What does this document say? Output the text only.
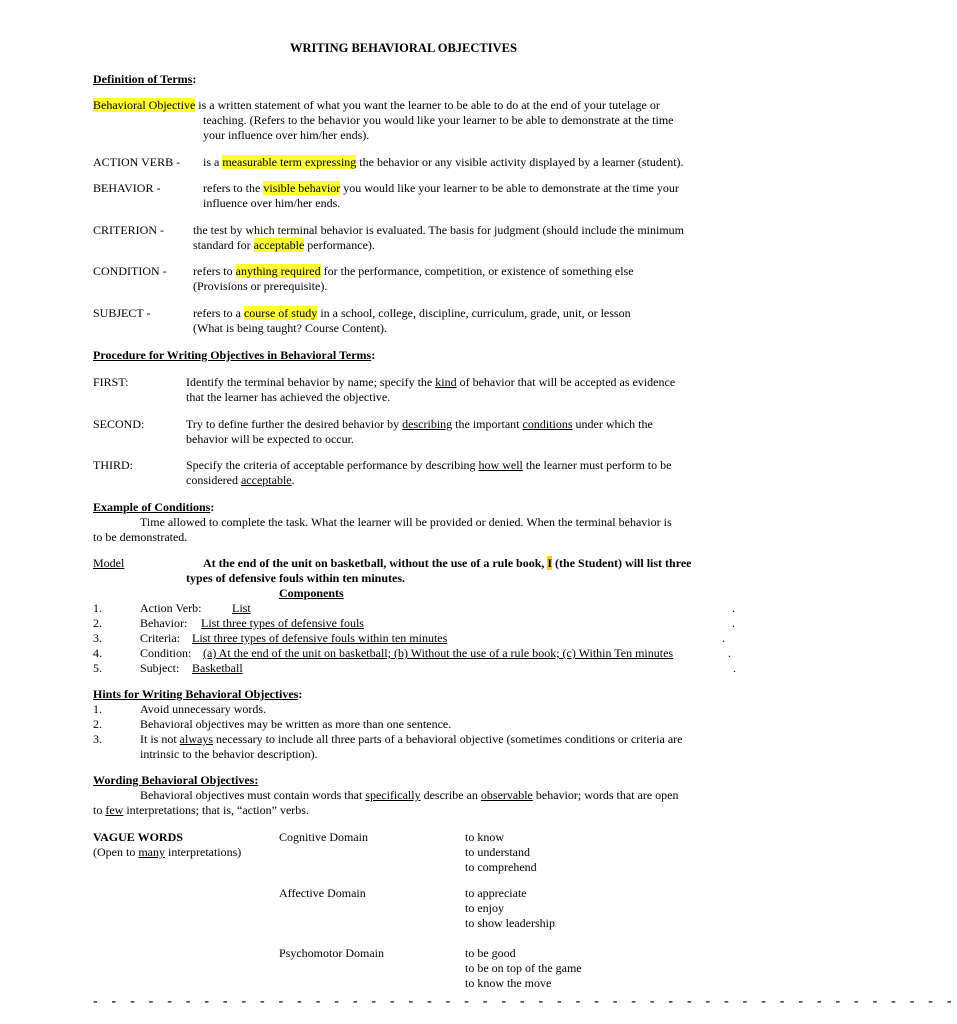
WRITING BEHAVIORAL OBJECTIVES
Definition of Terms:
Behavioral Objective is a written statement of what you want the learner to be able to do at the end of your tutelage or
teaching. (Refers to the behavior you would like your learner to be able to demonstrate at the time
your influence over him/her ends).
ACTION VERB - is a measurable term expressing the behavior or any visible activity displayed by a learner (student).
BEHAVIOR -	refers to the visible behavior you would like your learner to be able to demonstrate at the time your
influence over him/her ends.
CRITERION - the test by which terminal behavior is evaluated. The basis for judgment (should include the minimum
standard for acceptable performance).
CONDITION - refers to anything required for the performance, competition, or existence of something else
(Provisions or prerequisite).
SUBJECT -	refers to a course of study in a school, college, discipline, curriculum, grade, unit, or lesson
(What is being taught? Course Content).
Procedure for Writing Objectives in Behavioral Terms:
FIRST:	Identify the terminal behavior by name; specify the kind of behavior that will be accepted as evidence
that the learner has achieved the objective.
SECOND:	Try to define further the desired behavior by describing the important conditions under which the
behavior will be expected to occur.
THIRD:	Specify the criteria of acceptable performance by describing how well the learner must perform to be
considered acceptable.
Example of Conditions:
Time allowed to complete the task. What the learner will be provided or denied. When the terminal behavior is
to be demonstrated.
Model	At the end of the unit on basketball, without the use of a rule book, I (the Student) will list three
types of defensive fouls within ten minutes.
Components
1.	Action Verb:	List	.
2.	Behavior:	List three types of defensive fouls	.
3.	Criteria:	List three types of defensive fouls within ten minutes	.
4.	Condition: (a) At the end of the unit on basketball; (b) Without the use of a rule book; (c) Within Ten minutes	.
5.	Subject:	Basketball	.
Hints for Writing Behavioral Objectives:
1.	Avoid unnecessary words.
2.	Behavioral objectives may be written as more than one sentence.
3.	It is not always necessary to include all three parts of a behavioral objective (sometimes conditions or criteria are
intrinsic to the behavior description).
Wording Behavioral Objectives:
Behavioral objectives must contain words that specifically describe an observable behavior; words that are open
to few interpretations; that is, “action” verbs.
VAGUE WORDS
(Open to many interpretations)
Cognitive Domain	to know
to understand
to comprehend
Affective Domain	to appreciate
to enjoy
to show leadership
Psychomotor Domain	to be good
to be on top of the game
to know the move
- - - - - - - - - - - - - - - - - - - - - - - - - - - - - - - - - - - - - - - - - - - - - - -
